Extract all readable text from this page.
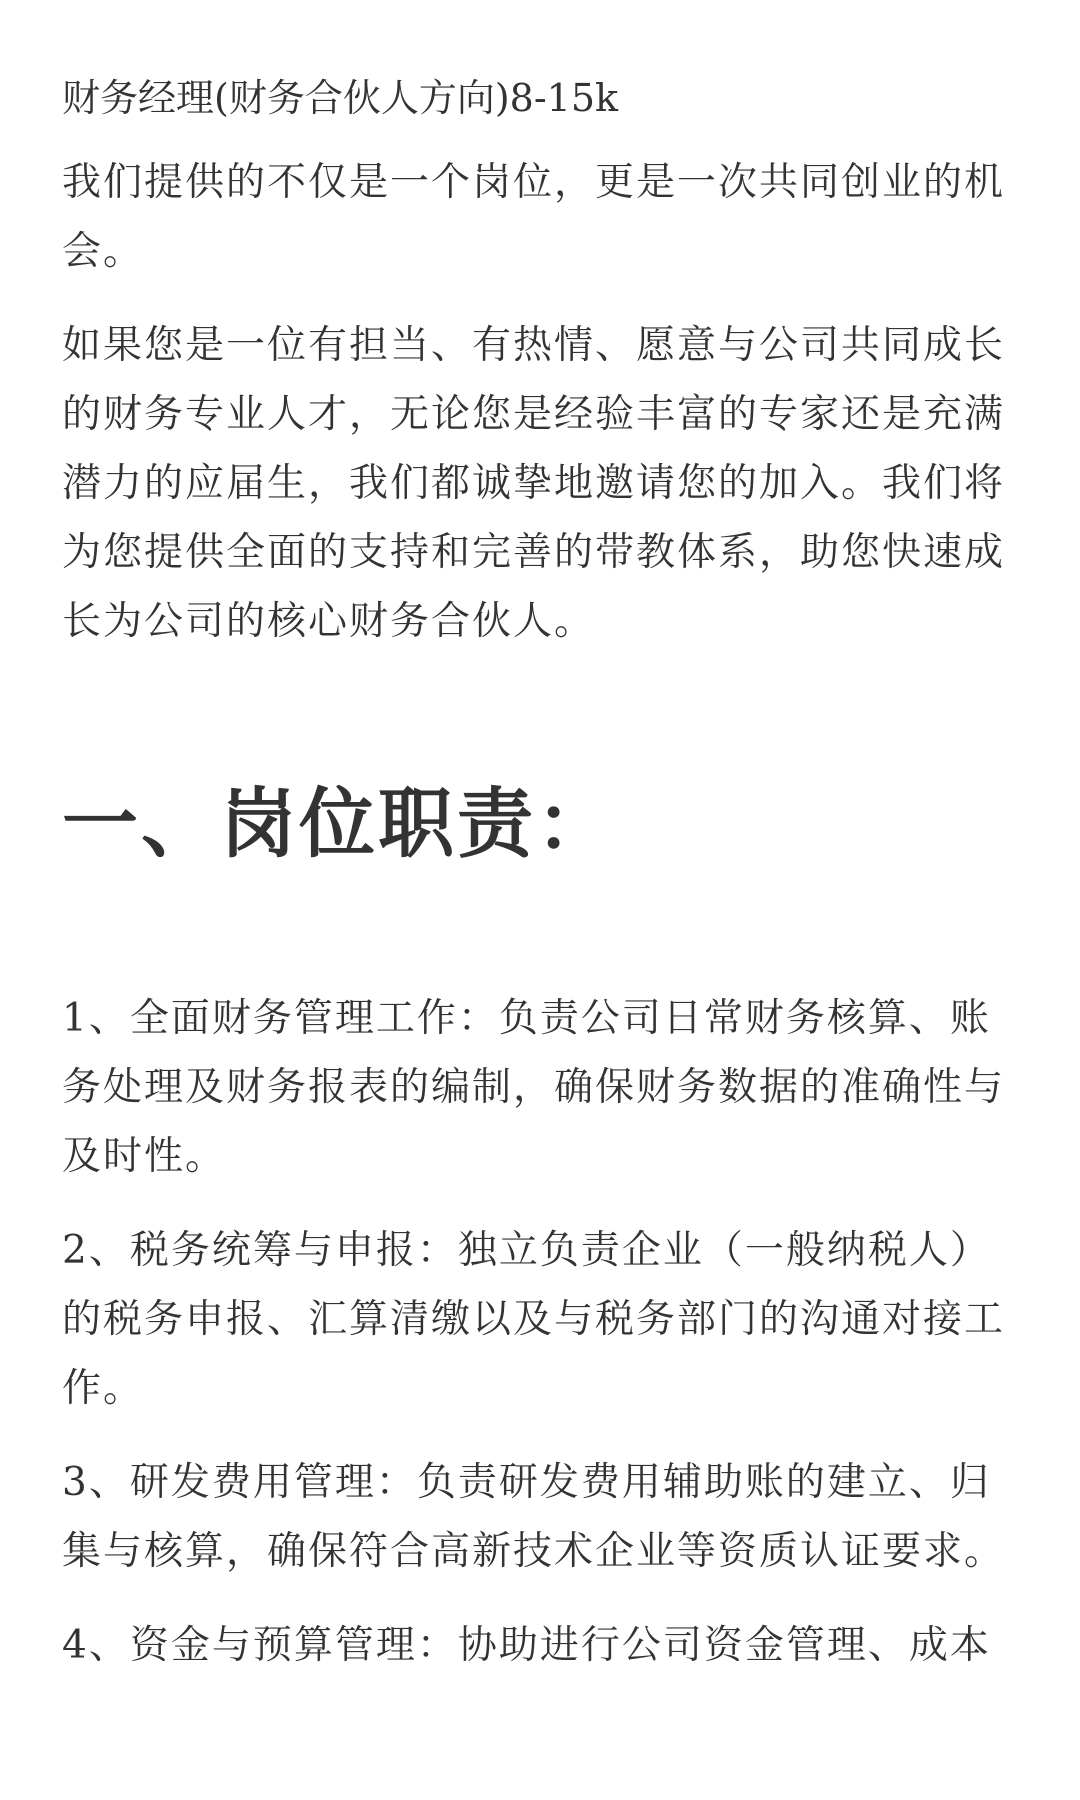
财务经理(财务合伙人方向)8-15k

我们提供的不仅是一个岗位，更是一次共同创业的机会。

如果您是一位有担当、有热情、愿意与公司共同成长的财务专业人才，无论您是经验丰富的专家还是充满潜力的应届生，我们都诚挚地邀请您的加入。我们将为您提供全面的支持和完善的带教体系，助您快速成长为公司的核心财务合伙人。

一、岗位职责：

1、全面财务管理工作：负责公司日常财务核算、账务处理及财务报表的编制，确保财务数据的准确性与及时性。

2、税务统筹与申报：独立负责企业（一般纳税人）的税务申报、汇算清缴以及与税务部门的沟通对接工作。

3、研发费用管理：负责研发费用辅助账的建立、归集与核算，确保符合高新技术企业等资质认证要求。

4、资金与预算管理：协助进行公司资金管理、成本
